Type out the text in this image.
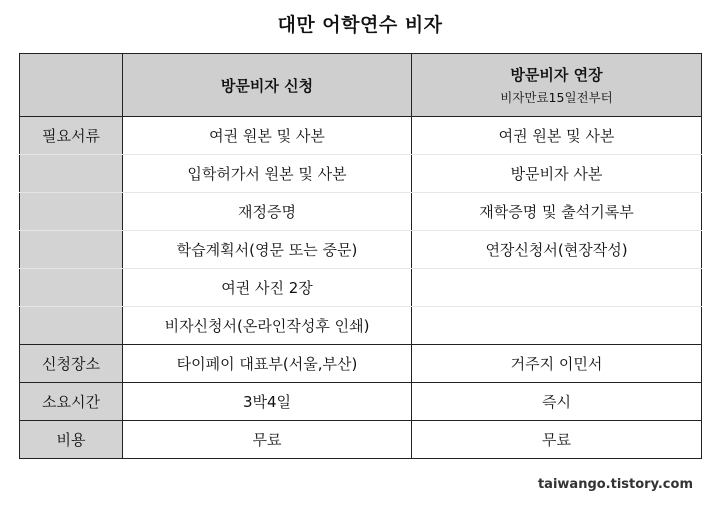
대만 어학연수 비자

	방문비자 신청	방문비자 연장
비자만료15일전부터

필요서류	여권 원본 및 사본	여권 원본 및 사본
	입학허가서 원본 및 사본	방문비자 사본
	재정증명	재학증명 및 출석기록부
	학습계획서(영문 또는 중문)	연장신청서(현장작성)
	여권 사진 2장	
	비자신청서(온라인작성후 인쇄)	
신청장소	타이페이 대표부(서울,부산)	거주지 이민서
소요시간	3박4일	즉시
비용	무료	무료
taiwango.tistory.com
